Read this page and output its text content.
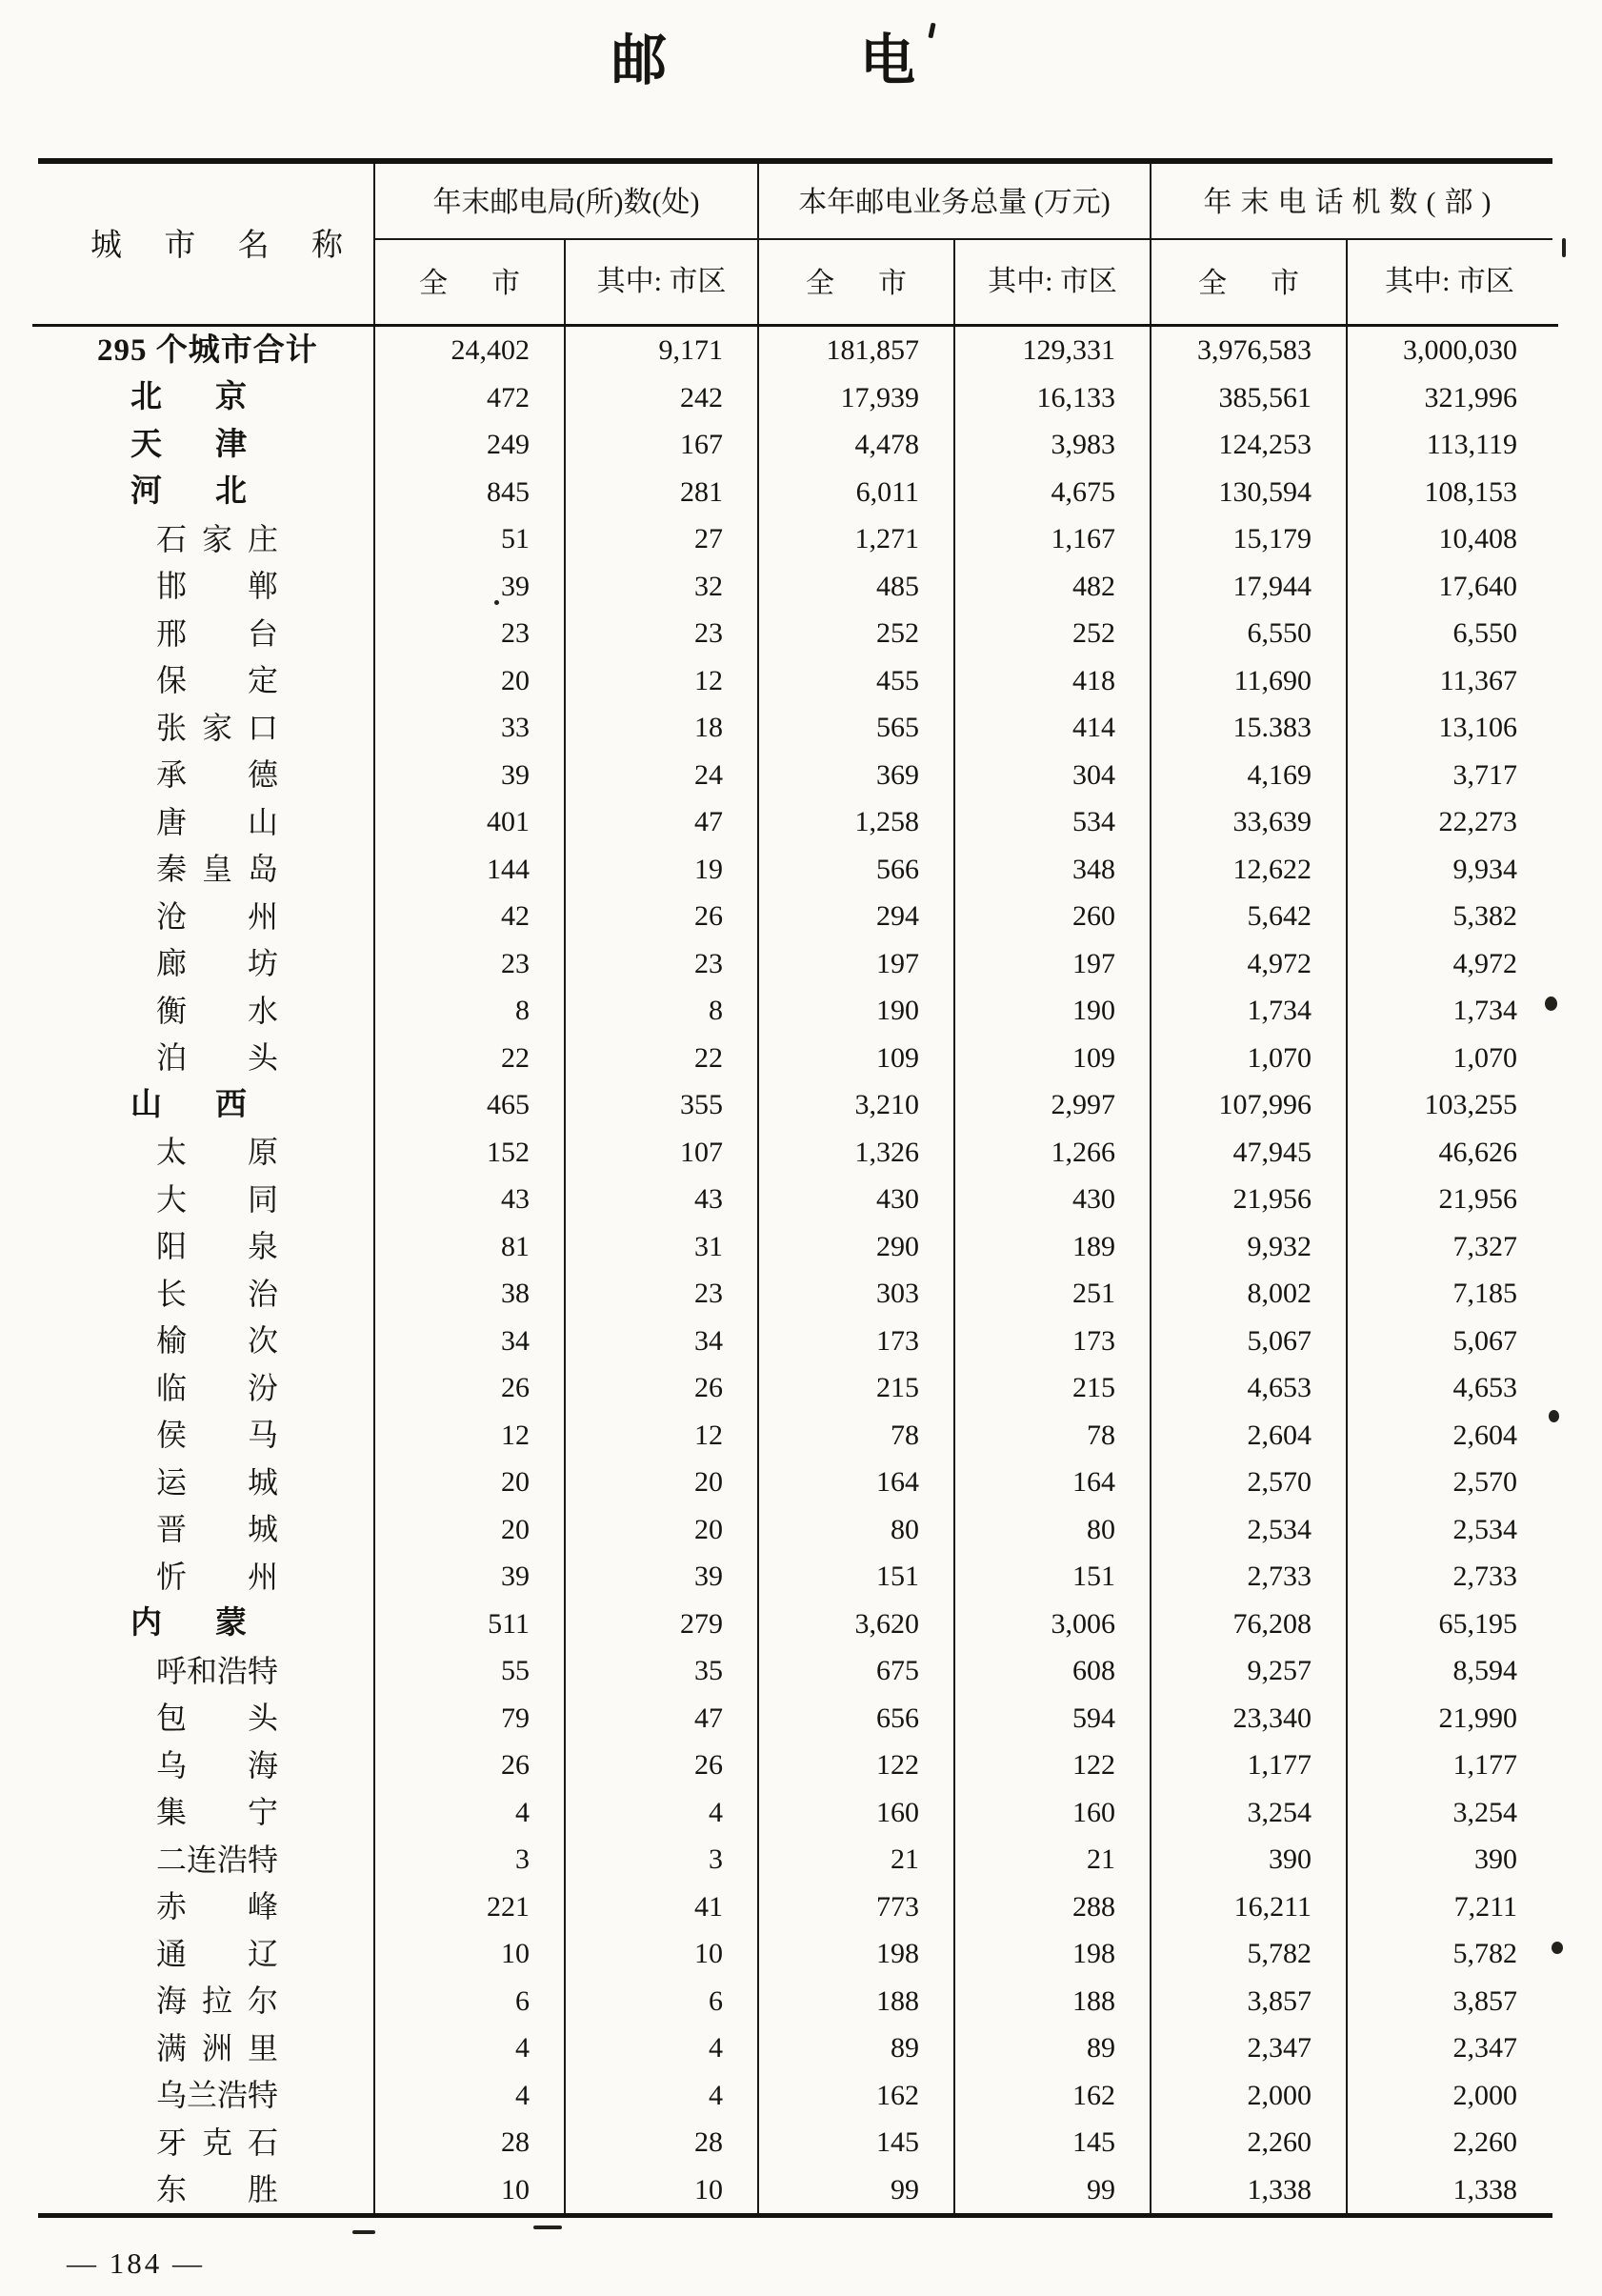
邮	电
城市名称
年末邮电局(所)数(处)	本年邮电业务总量 (万元)	年末电话机数(部)
全市	其中: 市区	全市	其中: 市区	全市	其中: 市区
295 个城市合计	24,402	9,171	181,857	129,331	3,976,583	3,000,030
北京	472	242	17,939	16,133	385,561	321,996
天津	249	167	4,478	3,983	124,253	113,119
河北	845	281	6,011	4,675	130,594	108,153
石家庄	51	27	1,271	1,167	15,179	10,408
邯郸	39	32	485	482	17,944	17,640
邢台	23	23	252	252	6,550	6,550
保定	20	12	455	418	11,690	11,367
张家口	33	18	565	414	15.383	13,106
承德	39	24	369	304	4,169	3,717
唐山	401	47	1,258	534	33,639	22,273
秦皇岛	144	19	566	348	12,622	9,934
沧州	42	26	294	260	5,642	5,382
廊坊	23	23	197	197	4,972	4,972
衡水	8	8	190	190	1,734	1,734
泊头	22	22	109	109	1,070	1,070
山西	465	355	3,210	2,997	107,996	103,255
太原	152	107	1,326	1,266	47,945	46,626
大同	43	43	430	430	21,956	21,956
阳泉	81	31	290	189	9,932	7,327
长治	38	23	303	251	8,002	7,185
榆次	34	34	173	173	5,067	5,067
临汾	26	26	215	215	4,653	4,653
侯马	12	12	78	78	2,604	2,604
运城	20	20	164	164	2,570	2,570
晋城	20	20	80	80	2,534	2,534
忻州	39	39	151	151	2,733	2,733
内蒙	511	279	3,620	3,006	76,208	65,195
呼和浩特	55	35	675	608	9,257	8,594
包头	79	47	656	594	23,340	21,990
乌海	26	26	122	122	1,177	1,177
集宁	4	4	160	160	3,254	3,254
二连浩特	3	3	21	21	390	390
赤峰	221	41	773	288	16,211	7,211
通辽	10	10	198	198	5,782	5,782
海拉尔	6	6	188	188	3,857	3,857
满洲里	4	4	89	89	2,347	2,347
乌兰浩特	4	4	162	162	2,000	2,000
牙克石	28	28	145	145	2,260	2,260
东胜	10	10	99	99	1,338	1,338
— 184 —
